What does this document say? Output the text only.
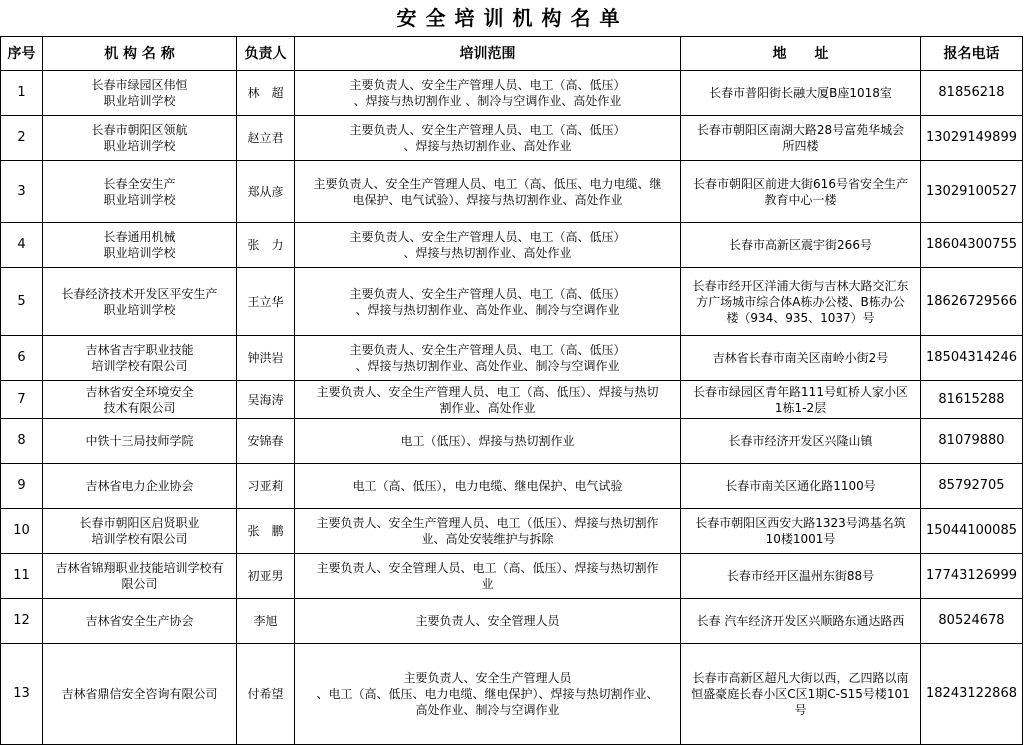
安全培训机构名单
序号	机 构 名 称	负责人	培训范围	地　　址	报名电话
1	长春市绿园区伟恒
职业培训学校	林　超	主要负责人、安全生产管理人员、电工（高、低压）
、焊接与热切割作业 、制冷与空调作业、高处作业	长春市普阳街长融大厦B座1018室	81856218
2	长春市朝阳区领航
职业培训学校	赵立君	主要负责人、安全生产管理人员、电工（高、低压）
、焊接与热切割作业、高处作业	长春市朝阳区南湖大路28号富苑华城会
所四楼	13029149899
3	长春全安生产
职业培训学校	郑从彦	主要负责人、安全生产管理人员、电工（高、低压、电力电缆、继
电保护、电气试验）、焊接与热切割作业、高处作业	长春市朝阳区前进大街616号省安全生产
教育中心一楼	13029100527
4	长春通用机械
职业培训学校	张　力	主要负责人、安全生产管理人员、电工（高、低压）
、焊接与热切割作业、高处作业	长春市高新区震宇街266号	18604300755
5	长春经济技术开发区平安生产
职业培训学校	王立华	主要负责人、安全生产管理人员、电工（高、低压）
、焊接与热切割作业、高处作业、制冷与空调作业	长春市经开区洋浦大街与吉林大路交汇东
方广场城市综合体A栋办公楼、B栋办公
楼（934、935、1037）号	18626729566
6	吉林省吉宇职业技能
培训学校有限公司	钟洪岩	主要负责人、安全生产管理人员、电工（高、低压）
、焊接与热切割作业、高处作业、制冷与空调作业	吉林省长春市南关区南岭小街2号	18504314246
7	吉林省安全环境安全
技术有限公司	吴海涛	主要负责人、安全生产管理人员、电工（高、低压）、焊接与热切
割作业、高处作业	长春市绿园区青年路111号虹桥人家小区
1栋1-2层	81615288
8	中铁十三局技师学院	安锦春	电工（低压）、焊接与热切割作业	长春市经济开发区兴隆山镇	81079880
9	吉林省电力企业协会	习亚莉	电工（高、低压），电力电缆、继电保护、电气试验	长春市南关区通化路1100号	85792705
10	长春市朝阳区启贤职业
培训学校有限公司	张　鹏	主要负责人、安全生产管理人员、电工（低压）、焊接与热切割作
业、高处安装维护与拆除	长春市朝阳区西安大路1323号鸿基名筑
10楼1001号	15044100085
11	吉林省锦翔职业技能培训学校有
限公司	初亚男	主要负责人、安全管理人员、电工（高、低压）、焊接与热切割作
业	长春市经开区温州东街88号	17743126999
12	吉林省安全生产协会	李旭	主要负责人、安全管理人员	长春 汽车经济开发区兴顺路东通达路西	80524678
13	吉林省鼎信安全咨询有限公司	付希望	主要负责人、安全生产管理人员
、电工（高、低压、电力电缆、继电保护）、焊接与热切割作业、
高处作业、制冷与空调作业	长春市高新区超凡大街以西，乙四路以南
恒盛豪庭长春小区C区1期C-S15号楼101
号	18243122868
